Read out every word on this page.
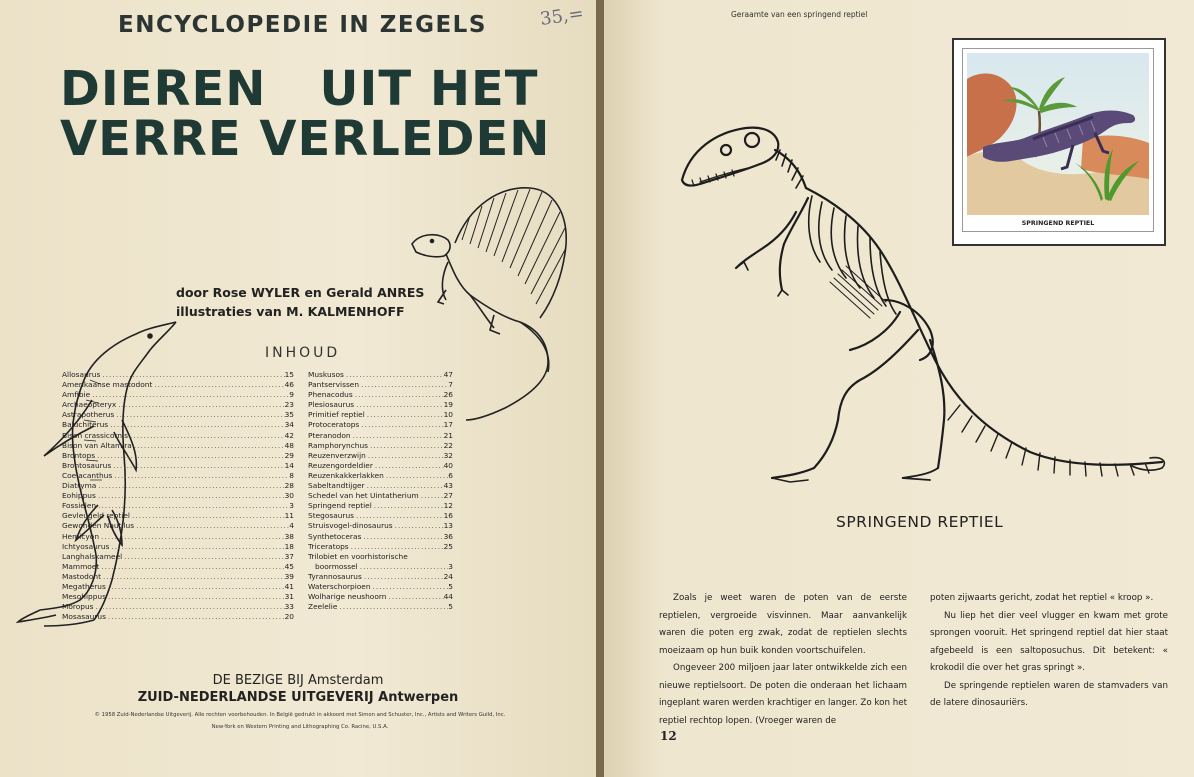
ENCYCLOPEDIE IN ZEGELS	35,=
DIEREN   UIT HET
VERRE VERLEDEN
door Rose WYLER en Gerald ANRES
illustraties van M. KALMENHOFF
INHOUD
Allosaurus .....	15
Amerikaanse mastodont .....	46
Amfibie .....	9
Archaeopteryx .....	23
Astrapotherus .....	35
Baluchiterus .....	34
Bison crassicornis .....	42
Bison van Altamira .....	48
Brontops .....	29
Brontosaurus .....	14
Coelacanthus .....	8
Diatryma .....	28
Eohippus .....	30
Fossielen .....	3
Gevleugeld reptiel .....	11
Gewonden Nautilus .....	4
Hemicyon .....	38
Ichtyosaurus .....	18
Langhalskameel .....	37
Mammoet .....	45
Mastodont .....	39
Megatherus .....	41
Mesohippus .....	31
Moropus .....	33
Mosasaurus .....	20
Muskusos .....	47
Pantservissen .....	7
Phenacodus .....	26
Plesiosaurus .....	19
Primitief reptiel .....	10
Protoceratops .....	17
Pteranodon .....	21
Ramphorynchus .....	22
Reuzenverzwijn .....	32
Reuzengordeldier .....	40
Reuzenkakkerlakken .....	6
Sabeltandtijger .....	43
Schedel van het Uintatherium .....	27
Springend reptiel .....	12
Stegosaurus .....	16
Struisvogel-dinosaurus .....	13
Synthetoceras .....	36
Triceratops .....	25
Trilobiet en voorhistorische
boormossel .....	3
Tyrannosaurus .....	24
Waterschorpioen .....	5
Wolharige neushoorn .....	44
Zeelelie .....	5
DE BEZIGE BIJ Amsterdam
ZUID-NEDERLANDSE UITGEVERIJ Antwerpen
© 1958 Zuid-Nederlandse Uitgeverij. Alle rechten voorbehouden. In België gedrukt in akkoord met Simon and Schuster, Inc., Artists and Writers Guild, Inc.
New-York en Western Printing and Lithographing Co. Racine, U.S.A.
Geraamte van een springend reptiel
SPRINGEND REPTIEL
SPRINGEND REPTIEL

Zoals je weet waren de poten van de eerste reptielen, vergroeide visvinnen. Maar aanvankelijk waren die poten erg zwak, zodat de reptielen slechts moeizaam op hun buik konden voortschuifelen.

Ongeveer 200 miljoen jaar later ontwikkelde zich een nieuwe reptielsoort. De poten die onderaan het lichaam ingeplant waren werden krachtiger en langer. Zo kon het reptiel rechtop lopen. (Vroeger waren de

poten zijwaarts gericht, zodat het reptiel « kroop ».

Nu liep het dier veel vlugger en kwam met grote sprongen vooruit. Het springend reptiel dat hier staat afgebeeld is een saltoposuchus. Dit betekent: « krokodil die over het gras springt ».

De springende reptielen waren de stamvaders van de latere dinosauriërs.

12
